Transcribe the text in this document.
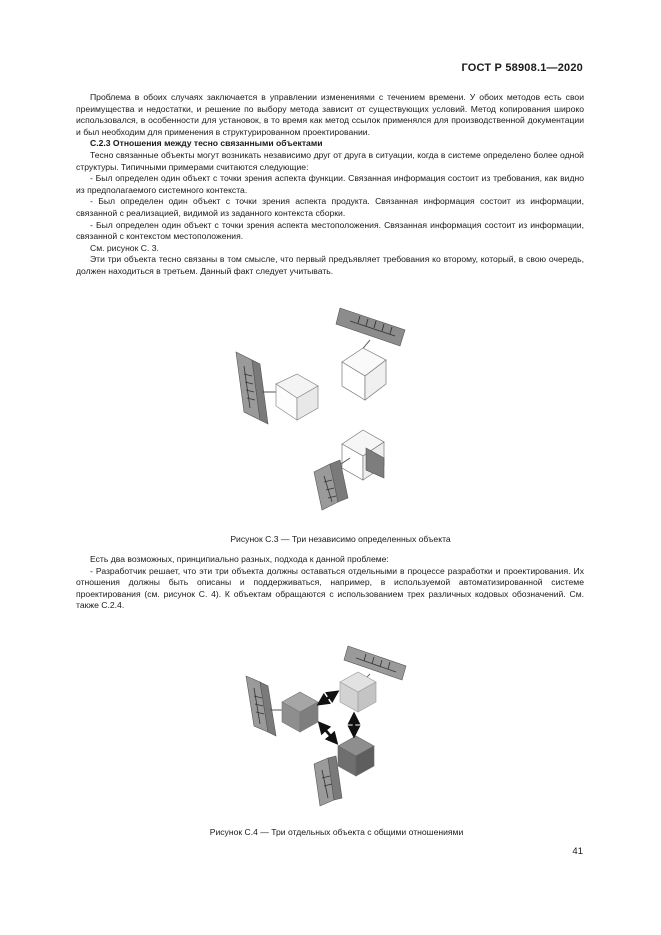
ГОСТ Р 58908.1—2020

Проблема в обоих случаях заключается в управлении изменениями с течением времени. У обоих методов есть свои преимущества и недостатки, и решение по выбору метода зависит от существующих условий. Метод копирования широко использовался, в особенности для установок, в то время как метод ссылок применялся для производственной документации и был необходим для применения в структурированном проектировании.

С.2.3 Отношения между тесно связанными объектами

Тесно связанные объекты могут возникать независимо друг от друга в ситуации, когда в системе определено более одной структуры. Типичными примерами считаются следующие:

- Был определен один объект с точки зрения аспекта функции. Связанная информация состоит из требования, как видно из предполагаемого системного контекста.

- Был определен один объект с точки зрения аспекта продукта. Связанная информация состоит из информации, связанной с реализацией, видимой из заданного контекста сборки.

- Был определен один объект с точки зрения аспекта местоположения. Связанная информация состоит из информации, связанной с контекстом местоположения.

См. рисунок С. 3.

Эти три объекта тесно связаны в том смысле, что первый предъявляет требования ко второму, который, в свою очередь, должен находиться в третьем. Данный факт следует учитывать.

Рисунок С.3 — Три независимо определенных объекта

Есть два возможных, принципиально разных, подхода к данной проблеме:

- Разработчик решает, что эти три объекта должны оставаться отдельными в процессе разработки и проектирования. Их отношения должны быть описаны и поддерживаться, например, в используемой автоматизированной системе проектирования (см. рисунок С. 4). К объектам обращаются с использованием трех различных кодовых обозначений. См. также С.2.4.

Рисунок С.4 — Три отдельных объекта с общими отношениями
41
